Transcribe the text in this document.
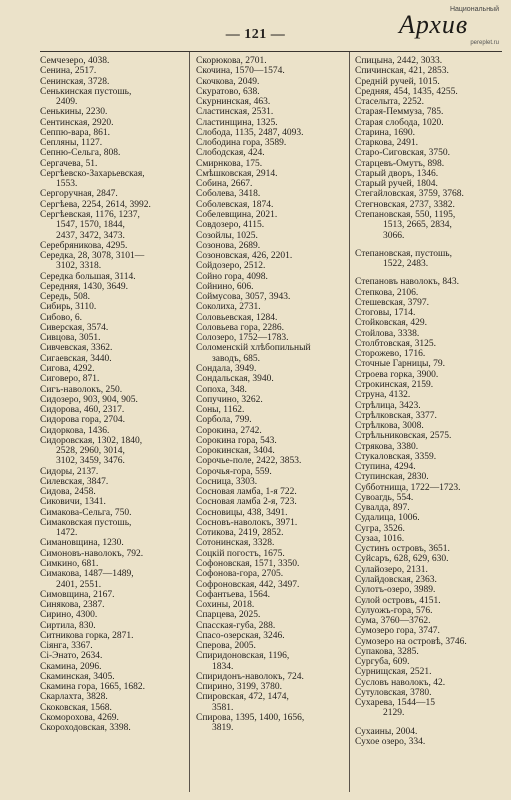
Национальный
Архив
pereplet.ru
— 121 —
Семчезеро, 4038.
Сенина, 2517.
Сенинская, 3728.
Сенькинская пустошь,
2409.
Сенькины, 2230.
Сентинская, 2920.
Сеппю-вара, 861.
Сепляны, 1127.
Сепню-Сельга, 808.
Сергачева, 51.
Сергѣевско-Захарьевская,
1553.
Сергоручная, 2847.
Сергѣева, 2254, 2614, 3992.
Сергѣевская, 1176, 1237,
1547, 1570, 1844,
2437, 3472, 3473.
Серебряникова, 4295.
Середка, 28, 3078, 3101—
3102, 3318.
Середка большая, 3114.
Середняя, 1430, 3649.
Середь, 508.
Сибирь, 3110.
Сибово, 6.
Сиверская, 3574.
Сивцова, 3051.
Сивчевская, 3362.
Сигаевская, 3440.
Сигова, 4292.
Сиговеро, 871.
Сигъ-наволокъ, 250.
Сидозеро, 903, 904, 905.
Сидорова, 460, 2317.
Сидорова гора, 2704.
Сидоркова, 1436.
Сидоровская, 1302, 1840,
2528, 2960, 3014,
3102, 3459, 3476.
Сидоры, 2137.
Силевская, 3847.
Сидова, 2458.
Сиковичи, 1341.
Симакова-Сельга, 750.
Симаковская пустошь,
1472.
Симановщина, 1230.
Симоновъ-наволокъ, 792.
Симкино, 681.
Симакова, 1487—1489,
2401, 2551.
Симовщина, 2167.
Синякова, 2387.
Сирино, 4300.
Сиртила, 830.
Ситникова горка, 2871.
Сіянга, 3367.
Сі-Энато, 2634.
Скамина, 2096.
Скаминская, 3405.
Скамина гора, 1665, 1682.
Скарлахта, 3828.
Скоковская, 1568.
Скоморохова, 4269.
Скороходовская, 3398.
Скорюкова, 2701.
Скочина, 1570—1574.
Скочкова, 2049.
Скуратово, 638.
Скурнинская, 463.
Сластинская, 2531.
Сластинщина, 1325.
Слобода, 1135, 2487, 4093.
Слободина гора, 3589.
Слободская, 424.
Смирнкова, 175.
Смѣшковская, 2914.
Собина, 2667.
Соболева, 3418.
Соболевская, 1874.
Собелевщина, 2021.
Совдозеро, 4115.
Созойлы, 1025.
Созонова, 2689.
Созоновская, 426, 2201.
Сойдозеро, 2512.
Сойно гора, 4098.
Сойнино, 606.
Соймусова, 3057, 3943.
Соколиха, 2731.
Соловьевская, 1284.
Соловьева гора, 2286.
Солозеро, 1752—1783.
Соломенскій хлѣбопильный
заводъ, 685.
Сондала, 3949.
Сондальская, 3940.
Сопоха, 348.
Сопучино, 3262.
Соны, 1162.
Сорбола, 799.
Сорокина, 2742.
Сорокина гора, 543.
Сорокинская, 3404.
Сорочье-поле, 2422, 3853.
Сорочья-гора, 559.
Сосница, 3303.
Сосновая ламба, 1-я 722.
Сосновая ламба 2-я, 723.
Сосновицы, 438, 3491.
Сосновъ-наволокъ, 3971.
Сотикова, 2419, 2852.
Сотонинская, 3328.
Соцкій погостъ, 1675.
Софоновская, 1571, 3350.
Софонова-гора, 2705.
Софроновская, 442, 3497.
Софантьева, 1564.
Сохины, 2018.
Спарцева, 2025.
Спасская-губа, 288.
Спасо-озерская, 3246.
Сперова, 2005.
Спиридоновская, 1196,
1834.
Спиридонъ-наволокъ, 724.
Спирино, 3199, 3780.
Спировская, 472, 1474,
3581.
Спирова, 1395, 1400, 1656,
3819.
Спицына, 2442, 3033.
Спичинская, 421, 2853.
Средній ручей, 1015.
Средняя, 454, 1435, 4255.
Стаселыта, 2252.
Старая-Пеммуза, 785.
Старая слобода, 1020.
Старина, 1690.
Старкова, 2491.
Старо-Сиговская, 3750.
Старцевъ-Омутъ, 898.
Старый дворъ, 1346.
Старый ручей, 1804.
Стегайловская, 3759, 3768.
Стегновская, 2737, 3382.
Степановская, 550, 1195,
1513, 2665, 2834,
3066.
Степановская, пустошь,
1522, 2483.
Степановъ наволокъ, 843.
Степкова, 2106.
Стешевская, 3797.
Стоговы, 1714.
Стойковская, 429.
Стойлова, 3338.
Столбтовская, 3125.
Сторожево, 1716.
Сточные Гарницы, 79.
Строева горка, 3900.
Строкинская, 2159.
Струна, 4132.
Стрѣлица, 3423.
Стрѣлковская, 3377.
Стрѣлкова, 3008.
Стрѣльниковская, 2575.
Стрякова, 3380.
Стукаловская, 3359.
Ступина, 4294.
Ступинская, 2830.
Субботнища, 1722—1723.
Сувоагдь, 554.
Сувалда, 897.
Судалица, 1006.
Сугра, 3526.
Сузаа, 1016.
Сустинъ островъ, 3651.
Суйсаръ, 628, 629, 630.
Сулайозеро, 2131.
Сулайдовская, 2363.
Сулотъ-озеро, 3989.
Сулой островъ, 4151.
Сулуожъ-гора, 576.
Сума, 3760—3762.
Сумозеро гора, 3747.
Сумозеро на островѣ, 3746.
Супакова, 3285.
Сургуба, 609.
Сурнищская, 2521.
Сусловъ наволокъ, 42.
Сутуловская, 3780.
Сухарева, 1544—15
2129.
Сухаины, 2004.
Сухое озеро, 334.
